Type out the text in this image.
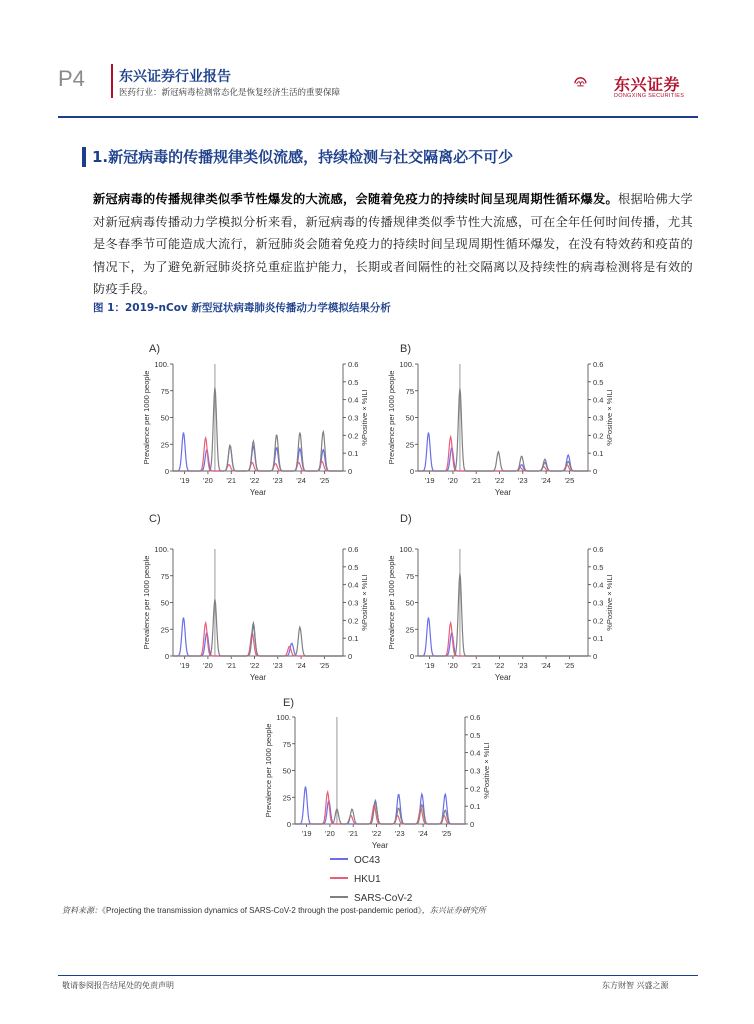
P4 东兴证券行业报告
医药行业：新冠病毒检测常态化是恢复经济生活的重要保障	东兴证券
DONGXING SECURITIES
1.新冠病毒的传播规律类似流感，持续检测与社交隔离必不可少
新冠病毒的传播规律类似季节性爆发的大流感，会随着免疫力的持续时间呈现周期性循环爆发。根据哈佛大学对新冠病毒传播动力学模拟分析来看，新冠病毒的传播规律类似季节性大流感，可在全年任何时间传播，尤其是冬春季节可能造成大流行，新冠肺炎会随着免疫力的持续时间呈现周期性循环爆发，在没有特效药和疫苗的情况下，为了避免新冠肺炎挤兑重症监护能力，长期或者间隔性的社交隔离以及持续性的病毒检测将是有效的防疫手段。
图 1：2019-nCov 新型冠状病毒肺炎传播动力学模拟结果分析
A)
0
25
50
75
100.
0
0.1
0.2
0.3
0.4
0.5
0.6
'19 '20 '21 '22 '23 '24 '25
Year
Prevalence per 1000 people	%Positive × %ILI
B)
0
25
50
75
100.
0
0.1
0.2
0.3
0.4
0.5
0.6
'19 '20 '21 '22 '23 '24 '25
Year
Prevalence per 1000 people	%Positive × %ILI
C)
0
25
50
75
100.
0
0.1
0.2
0.3
0.4
0.5
0.6
'19 '20 '21 '22 '23 '24 '25
Year
Prevalence per 1000 people	%Positive × %ILI
D)
0
25
50
75
100.
0
0.1
0.2
0.3
0.4
0.5
0.6
'19 '20 '21 '22 '23 '24 '25
Year
Prevalence per 1000 people	%Positive × %ILI
E)
0
25
50
75
100.
0
0.1
0.2
0.3
0.4
0.5
0.6
'19 '20 '21 '22 '23 '24 '25
Year
Prevalence per 1000 people	%Positive × %ILI
OC43
HKU1
SARS-CoV-2
资料来源：《Projecting the transmission dynamics of SARS-CoV-2 through the post-pandemic period》，东兴证券研究所
敬请参阅报告结尾处的免责声明	东方财智 兴盛之源
